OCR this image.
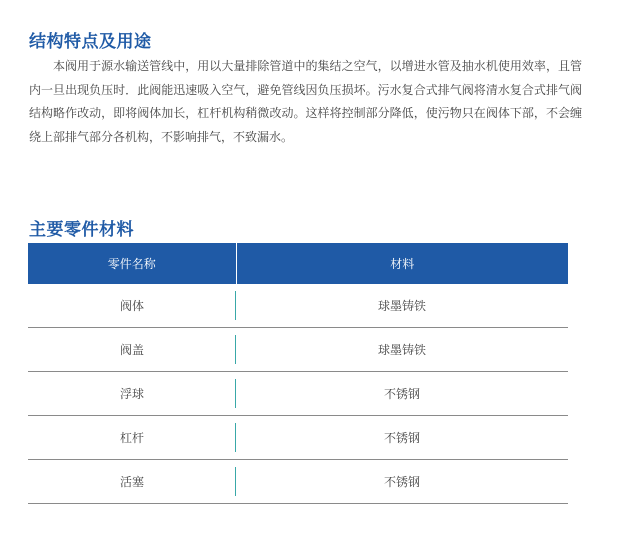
结构特点及用途

本阀用于源水输送管线中，用以大量排除管道中的集结之空气，以增进水管及抽水机使用效率，且管内一旦出现负压时．此阀能迅速吸入空气，避免管线因负压损坏。污水复合式排气阀将清水复合式排气阀结构略作改动，即将阀体加长，杠杆机构稍微改动。这样将控制部分降低，使污物只在阀体下部，不会缠绕上部排气部分各机构，不影响排气，不致漏水。

主要零件材料
零件名称	材料
阀体	球墨铸铁
阀盖	球墨铸铁
浮球	不锈钢
杠杆	不锈钢
活塞	不锈钢
